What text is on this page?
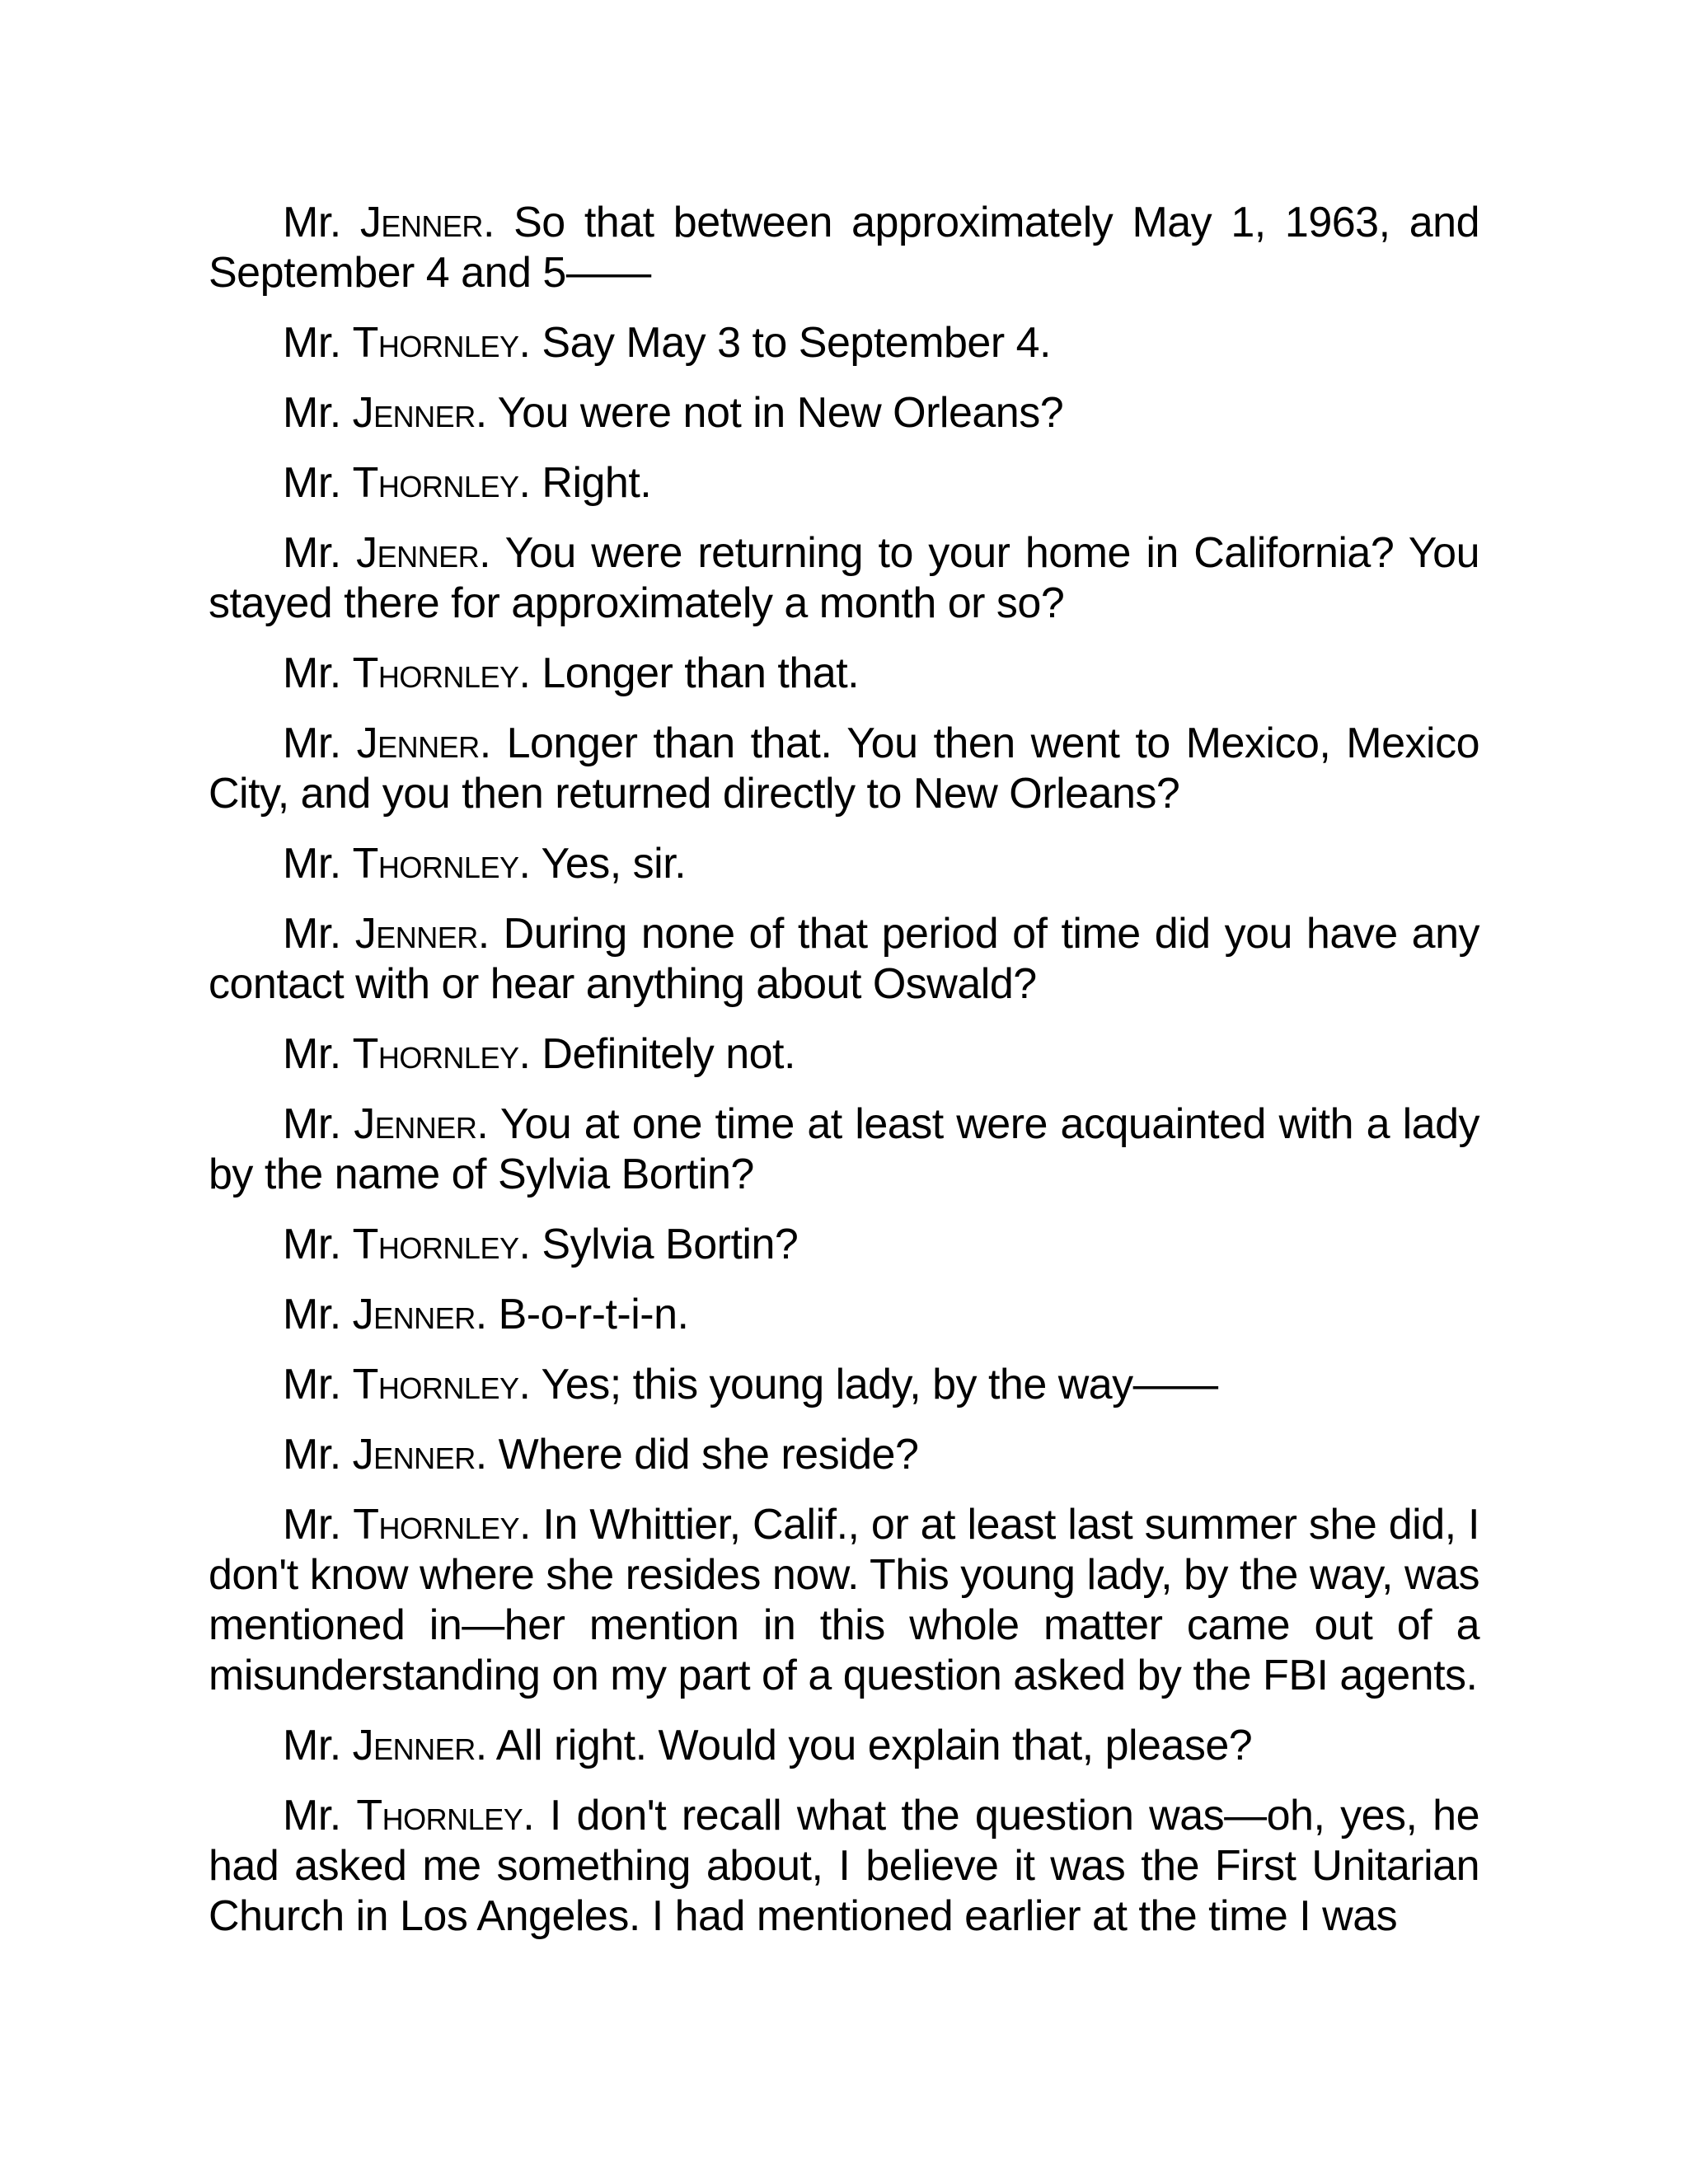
Mr. Jenner. So that between approximately May 1, 1963, and September 4 and 5——

Mr. Thornley. Say May 3 to September 4.

Mr. Jenner. You were not in New Orleans?

Mr. Thornley. Right.

Mr. Jenner. You were returning to your home in California? You stayed there for approximately a month or so?

Mr. Thornley. Longer than that.

Mr. Jenner. Longer than that. You then went to Mexico, Mexico City, and you then returned directly to New Orleans?

Mr. Thornley. Yes, sir.

Mr. Jenner. During none of that period of time did you have any contact with or hear anything about Oswald?

Mr. Thornley. Definitely not.

Mr. Jenner. You at one time at least were acquainted with a lady by the name of Sylvia Bortin?

Mr. Thornley. Sylvia Bortin?

Mr. Jenner. B-o-r-t-i-n.

Mr. Thornley. Yes; this young lady, by the way——

Mr. Jenner. Where did she reside?

Mr. Thornley. In Whittier, Calif., or at least last summer she did, I don't know where she resides now. This young lady, by the way, was mentioned in—her mention in this whole matter came out of a misunderstanding on my part of a question asked by the FBI agents.

Mr. Jenner. All right. Would you explain that, please?

Mr. Thornley. I don't recall what the question was—oh, yes, he had asked me something about, I believe it was the First Unitarian Church in Los Angeles. I had mentioned earlier at the time I was
